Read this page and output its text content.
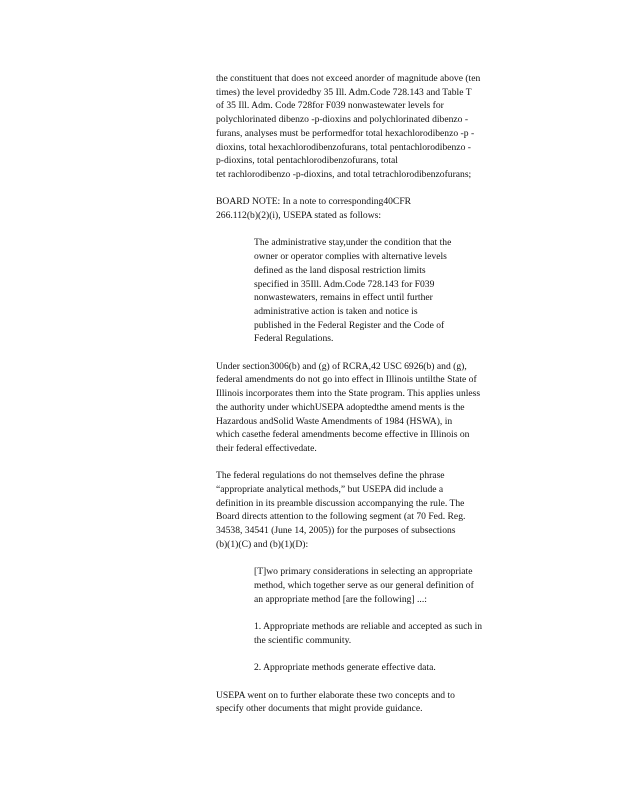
the constituent that does not exceed anorder of magnitude above (ten
times) the level providedby 35 Ill. Adm.Code 728.143 and Table T
of 35 Ill. Adm. Code 728for F039 nonwastewater levels for
polychlorinated dibenzo -p-dioxins and polychlorinated dibenzo -
furans, analyses must be performedfor total hexachlorodibenzo -p -
dioxins, total hexachlorodibenzofurans, total pentachlorodibenzo -
p-dioxins, total pentachlorodibenzofurans, total
tet rachlorodibenzo -p-dioxins, and total tetrachlorodibenzofurans;

BOARD NOTE: In a note to corresponding40CFR
266.112(b)(2)(i), USEPA stated as follows:

The administrative stay,under the condition that the
owner or operator complies with alternative levels
defined as the land disposal restriction limits
specified in 35Ill. Adm.Code 728.143 for F039
nonwastewaters, remains in effect until further
administrative action is taken and notice is
published in the Federal Register and the Code of
Federal Regulations.

Under section3006(b) and (g) of RCRA,42 USC 6926(b) and (g),
federal amendments do not go into effect in Illinois untilthe State of
Illinois incorporates them into the State program. This applies unless
the authority under whichUSEPA adoptedthe amend ments is the
Hazardous andSolid Waste Amendments of 1984 (HSWA), in
which casethe federal amendments become effective in Illinois on
their federal effectivedate.

The federal regulations do not themselves define the phrase
“appropriate analytical methods,” but USEPA did include a
definition in its preamble discussion accompanying the rule. The
Board directs attention to the following segment (at 70 Fed. Reg.
34538, 34541 (June 14, 2005)) for the purposes of subsections
(b)(1)(C) and (b)(1)(D):

[T]wo primary considerations in selecting an appropriate
method, which together serve as our general definition of
an appropriate method [are the following] ...:

1. Appropriate methods are reliable and accepted as such in
the scientific community.

2. Appropriate methods generate effective data.

USEPA went on to further elaborate these two concepts and to
specify other documents that might provide guidance.
